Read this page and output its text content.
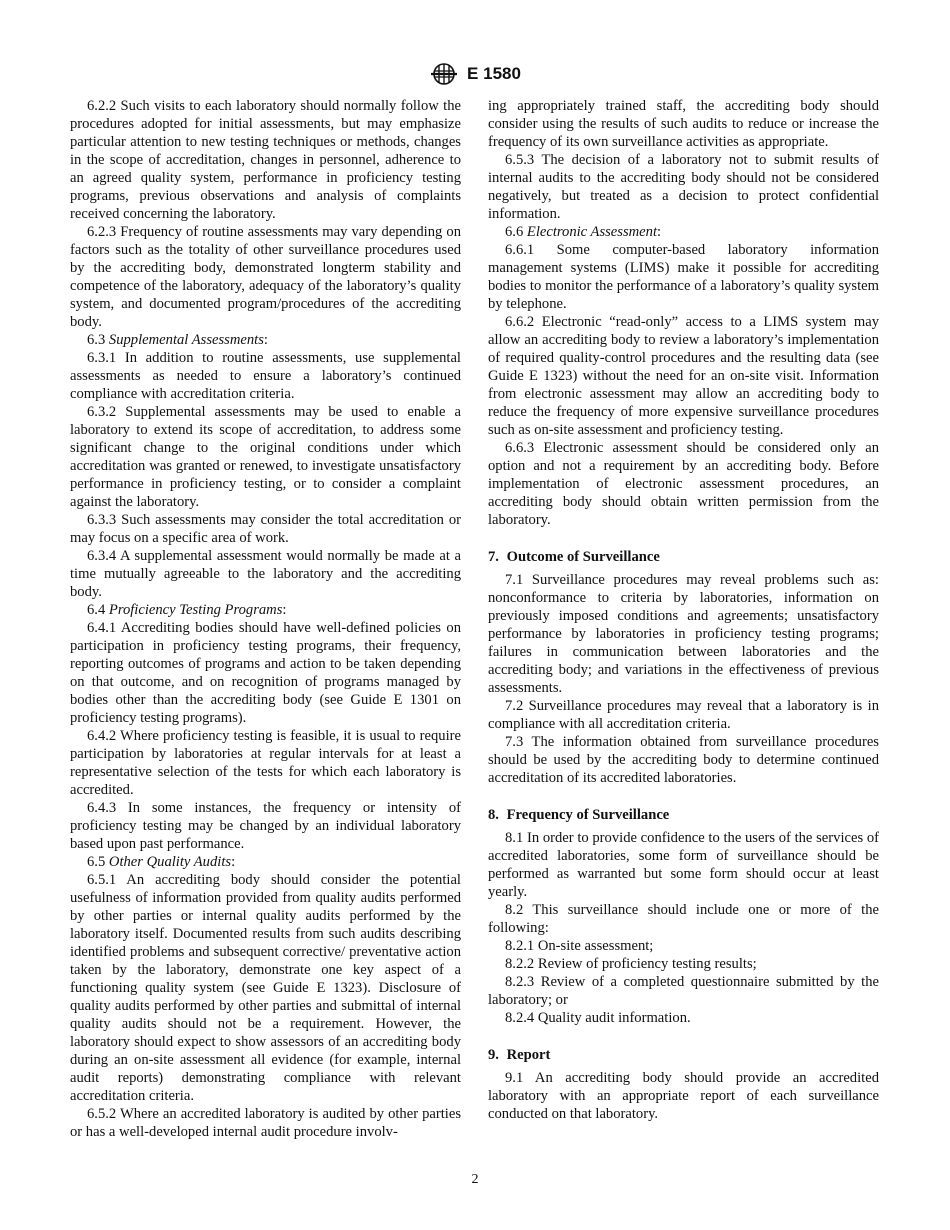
E 1580

6.2.2 Such visits to each laboratory should normally follow the procedures adopted for initial assessments, but may emphasize particular attention to new testing techniques or methods, changes in the scope of accreditation, changes in personnel, adherence to an agreed quality system, performance in proficiency testing programs, previous observations and analysis of complaints received concerning the laboratory.

6.2.3 Frequency of routine assessments may vary depending on factors such as the totality of other surveillance procedures used by the accrediting body, demonstrated longterm stability and competence of the laboratory, adequacy of the laboratory’s quality system, and documented program/procedures of the accrediting body.

6.3 Supplemental Assessments:

6.3.1 In addition to routine assessments, use supplemental assessments as needed to ensure a laboratory’s continued compliance with accreditation criteria.

6.3.2 Supplemental assessments may be used to enable a laboratory to extend its scope of accreditation, to address some significant change to the original conditions under which accreditation was granted or renewed, to investigate unsatisfactory performance in proficiency testing, or to consider a complaint against the laboratory.

6.3.3 Such assessments may consider the total accreditation or may focus on a specific area of work.

6.3.4 A supplemental assessment would normally be made at a time mutually agreeable to the laboratory and the accrediting body.

6.4 Proficiency Testing Programs:

6.4.1 Accrediting bodies should have well-defined policies on participation in proficiency testing programs, their frequency, reporting outcomes of programs and action to be taken depending on that outcome, and on recognition of programs managed by bodies other than the accrediting body (see Guide E 1301 on proficiency testing programs).

6.4.2 Where proficiency testing is feasible, it is usual to require participation by laboratories at regular intervals for at least a representative selection of the tests for which each laboratory is accredited.

6.4.3 In some instances, the frequency or intensity of proficiency testing may be changed by an individual laboratory based upon past performance.

6.5 Other Quality Audits:

6.5.1 An accrediting body should consider the potential usefulness of information provided from quality audits performed by other parties or internal quality audits performed by the laboratory itself. Documented results from such audits describing identified problems and subsequent corrective/ preventative action taken by the laboratory, demonstrate one key aspect of a functioning quality system (see Guide E 1323). Disclosure of quality audits performed by other parties and submittal of internal quality audits should not be a requirement. However, the laboratory should expect to show assessors of an accrediting body during an on-site assessment all evidence (for example, internal audit reports) demonstrating compliance with relevant accreditation criteria.

6.5.2 Where an accredited laboratory is audited by other parties or has a well-developed internal audit procedure involv-

ing appropriately trained staff, the accrediting body should consider using the results of such audits to reduce or increase the frequency of its own surveillance activities as appropriate.

6.5.3 The decision of a laboratory not to submit results of internal audits to the accrediting body should not be considered negatively, but treated as a decision to protect confidential information.

6.6 Electronic Assessment:

6.6.1 Some computer-based laboratory information management systems (LIMS) make it possible for accrediting bodies to monitor the performance of a laboratory’s quality system by telephone.

6.6.2 Electronic “read-only” access to a LIMS system may allow an accrediting body to review a laboratory’s implementation of required quality-control procedures and the resulting data (see Guide E 1323) without the need for an on-site visit. Information from electronic assessment may allow an accrediting body to reduce the frequency of more expensive surveillance procedures such as on-site assessment and proficiency testing.

6.6.3 Electronic assessment should be considered only an option and not a requirement by an accrediting body. Before implementation of electronic assessment procedures, an accrediting body should obtain written permission from the laboratory.

7. Outcome of Surveillance

7.1 Surveillance procedures may reveal problems such as: nonconformance to criteria by laboratories, information on previously imposed conditions and agreements; unsatisfactory performance by laboratories in proficiency testing programs; failures in communication between laboratories and the accrediting body; and variations in the effectiveness of previous assessments.

7.2 Surveillance procedures may reveal that a laboratory is in compliance with all accreditation criteria.

7.3 The information obtained from surveillance procedures should be used by the accrediting body to determine continued accreditation of its accredited laboratories.

8. Frequency of Surveillance

8.1 In order to provide confidence to the users of the services of accredited laboratories, some form of surveillance should be performed as warranted but some form should occur at least yearly.

8.2 This surveillance should include one or more of the following:

8.2.1 On-site assessment;

8.2.2 Review of proficiency testing results;

8.2.3 Review of a completed questionnaire submitted by the laboratory; or

8.2.4 Quality audit information.

9. Report

9.1 An accrediting body should provide an accredited laboratory with an appropriate report of each surveillance conducted on that laboratory.

2
